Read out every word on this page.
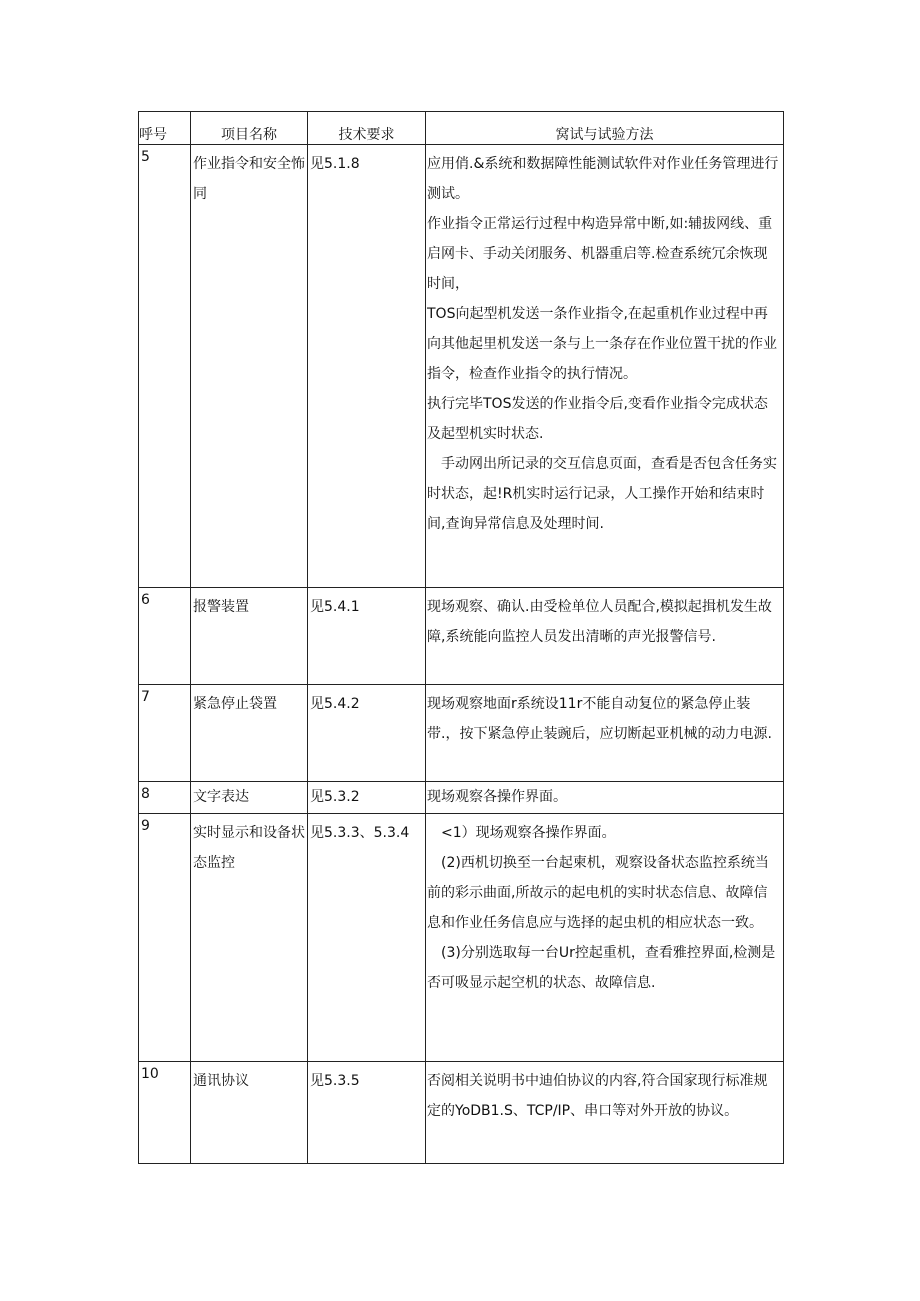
呼号	项目名称	技术要求	窝试与试验方法
5	作业指令和安全怖同	见5.1.8	应用俏.&系统和数据障性能测试软件对作业任务管理进行测试。

作业指令正常运行过程中构造异常中断,如:辅拔网线、重启网卡、手动关闭服务、机器重启等.检查系统冗余恢现时间，

TOS向起型机发送一条作业指令,在起重机作业过程中再向其他起里机发送一条与上一条存在作业位置干扰的作业指令，检查作业指令的执行情况。

执行完毕TOS发送的作业指令后,变看作业指令完成状态及起型机实时状态.

　手动网出所记录的交互信息页面，查看是否包含任务实时状态，起!R机实时运行记录，人工操作开始和结束时间,查询异常信息及处理时间.

6	报警装置	见5.4.1	现场观察、确认.由受检单位人员配合,模拟起揖机发生故障,系统能向监控人员发出清晰的声光报警信号.

7	紧急停止袋置	见5.4.2	现场观察地面r系统设11r不能自动复位的紧急停止装带.，按下紧急停止装豌后，应切断起亚机械的动力电源.

8	文字表达	见5.3.2	现场观察各操作界面。

9	实时显示和设备状态监控	见5.3.3、5.3.4	　<1）现场观察各操作界面。

　(2)西机切换至一台起柬机，观察设备状态监控系统当前的彩示曲面,所故示的起电机的实时状态信息、故障信息和作业任务信息应与选择的起虫机的相应状态一致。

　(3)分别选取每一台Ur控起重机，查看雅控界面,检测是否可吸显示起空机的状态、故障信息.

10	通讯协议	见5.3.5	否阅相关说明书中迪伯协议的内容,符合国家现行标准规定的YoDB1.S、TCP/IP、串口等对外开放的协议。
